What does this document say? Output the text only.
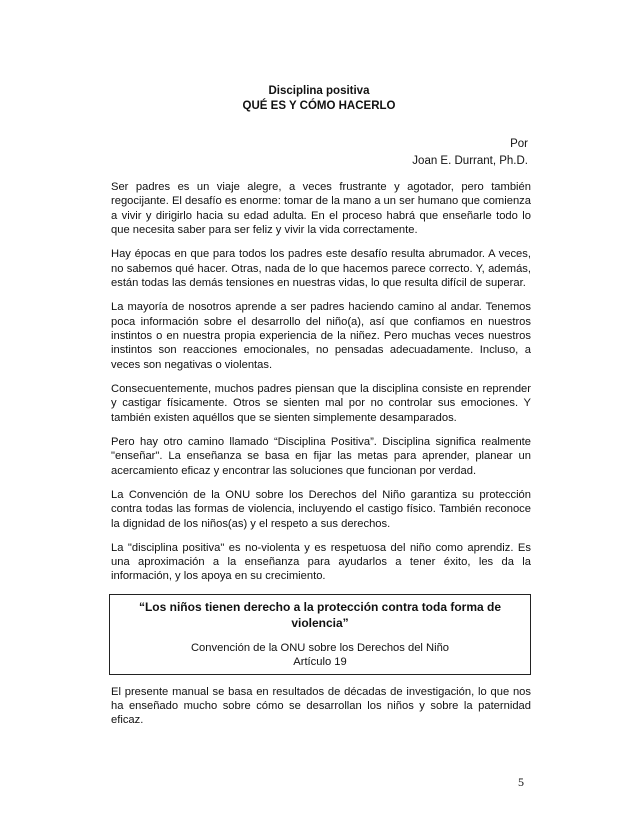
Disciplina positiva
QUÉ ES Y CÓMO HACERLO
Por
Joan E. Durrant, Ph.D.

Ser padres es un viaje alegre, a veces frustrante y agotador, pero también regocijante. El desafío es enorme: tomar de la mano a un ser humano que comienza a vivir y dirigirlo hacia su edad adulta. En el proceso habrá que enseñarle todo lo que necesita saber para ser feliz y vivir la vida correctamente.

Hay épocas en que para todos los padres este desafío resulta abrumador. A veces, no sabemos qué hacer. Otras, nada de lo que hacemos parece correcto. Y, además, están todas las demás tensiones en nuestras vidas, lo que resulta difícil de superar.

La mayoría de nosotros aprende a ser padres haciendo camino al andar. Tenemos poca información sobre el desarrollo del niño(a), así que confiamos en nuestros instintos o en nuestra propia experiencia de la niñez. Pero muchas veces nuestros instintos son reacciones emocionales, no pensadas adecuadamente. Incluso, a veces son negativas o violentas.

Consecuentemente, muchos padres piensan que la disciplina consiste en reprender y castigar físicamente. Otros se sienten mal por no controlar sus emociones. Y también existen aquéllos que se sienten simplemente desamparados.

Pero hay otro camino llamado “Disciplina Positiva”. Disciplina significa realmente "enseñar". La enseñanza se basa en fijar las metas para aprender, planear un acercamiento eficaz y encontrar las soluciones que funcionan por verdad.

La Convención de la ONU sobre los Derechos del Niño garantiza su protección contra todas las formas de violencia, incluyendo el castigo físico. También reconoce la dignidad de los niños(as) y el respeto a sus derechos.

La "disciplina positiva" es no-violenta y es respetuosa del niño como aprendiz. Es una aproximación a la enseñanza para ayudarlos a tener éxito, les da la información, y los apoya en su crecimiento.

“Los niños tienen derecho a la protección contra toda forma de violencia”
Convención de la ONU sobre los Derechos del Niño
Artículo 19

El presente manual se basa en resultados de décadas de investigación, lo que nos ha enseñado mucho sobre cómo se desarrollan los niños y sobre la paternidad eficaz.

5
